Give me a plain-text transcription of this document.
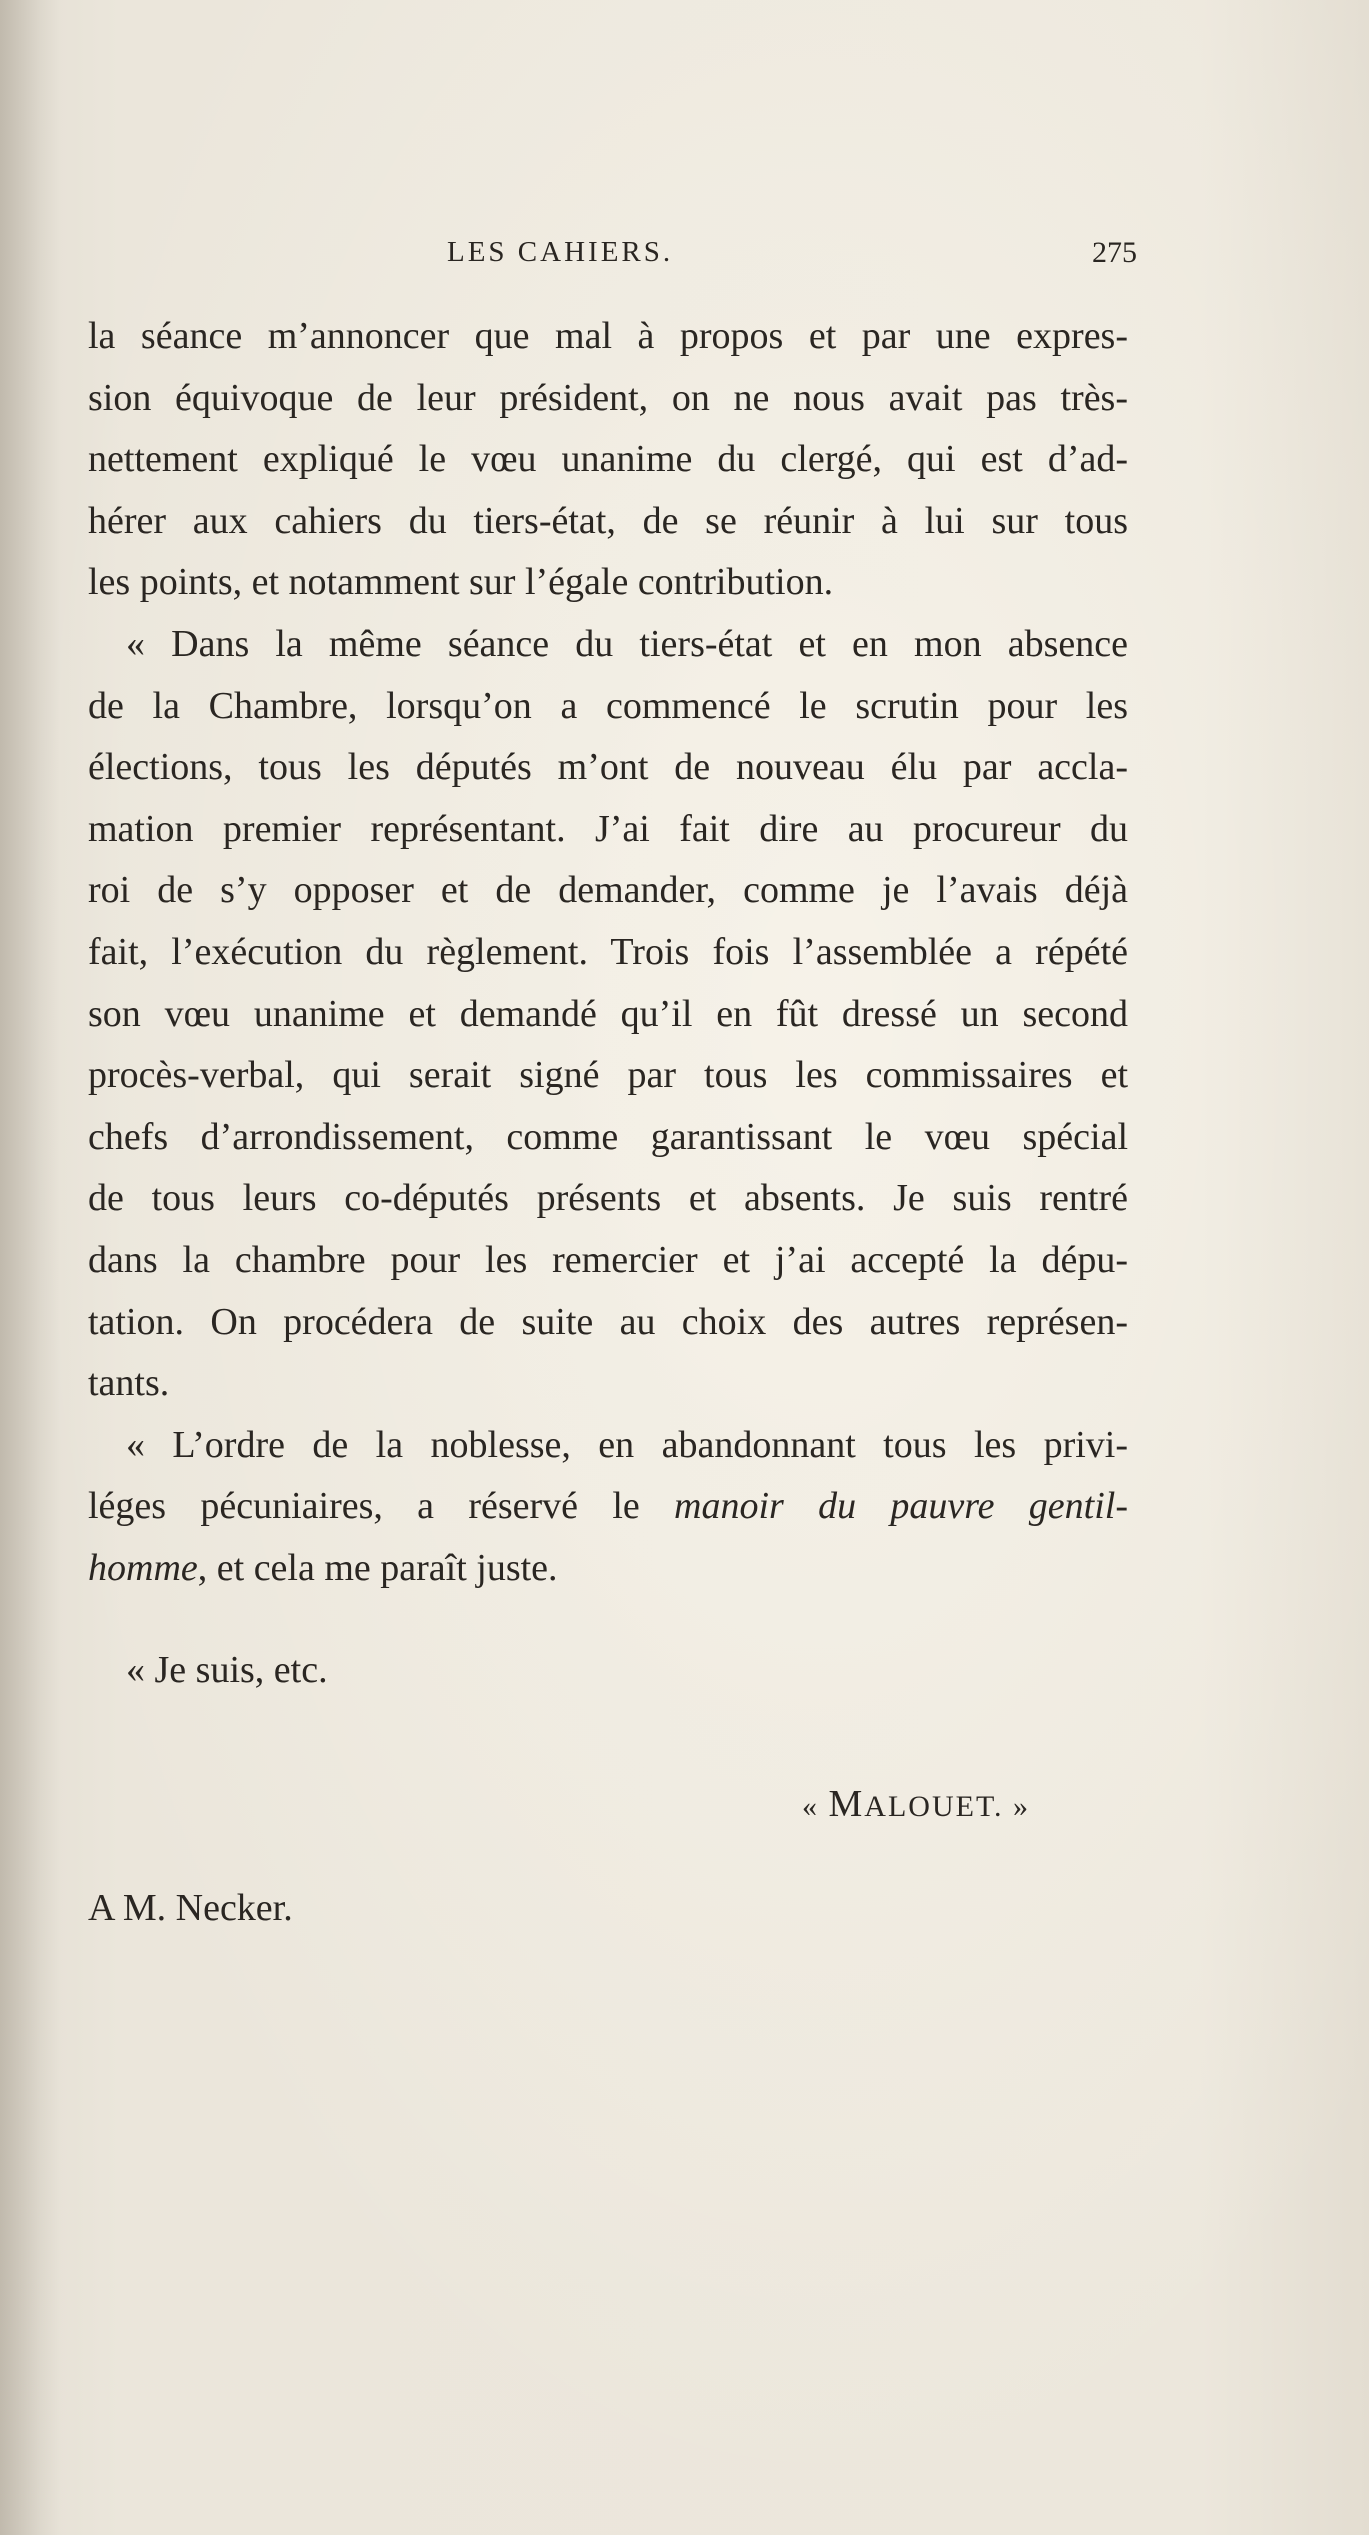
LES CAHIERS.	275
la séance m’annoncer que mal à propos et par une expres-
sion équivoque de leur président, on ne nous avait pas très-
nettement expliqué le vœu unanime du clergé, qui est d’ad-
hérer aux cahiers du tiers-état, de se réunir à lui sur tous
les points, et notamment sur l’égale contribution.
« Dans la même séance du tiers-état et en mon absence
de la Chambre, lorsqu’on a commencé le scrutin pour les
élections, tous les députés m’ont de nouveau élu par accla-
mation premier représentant. J’ai fait dire au procureur du
roi de s’y opposer et de demander, comme je l’avais déjà
fait, l’exécution du règlement. Trois fois l’assemblée a répété
son vœu unanime et demandé qu’il en fût dressé un second
procès-verbal, qui serait signé par tous les commissaires et
chefs d’arrondissement, comme garantissant le vœu spécial
de tous leurs co-députés présents et absents. Je suis rentré
dans la chambre pour les remercier et j’ai accepté la dépu-
tation. On procédera de suite au choix des autres représen-
tants.
« L’ordre de la noblesse, en abandonnant tous les privi-
léges pécuniaires, a réservé le manoir du pauvre gentil-
homme, et cela me paraît juste.
« Je suis, etc.
« MALOUET. »
A M. Necker.
